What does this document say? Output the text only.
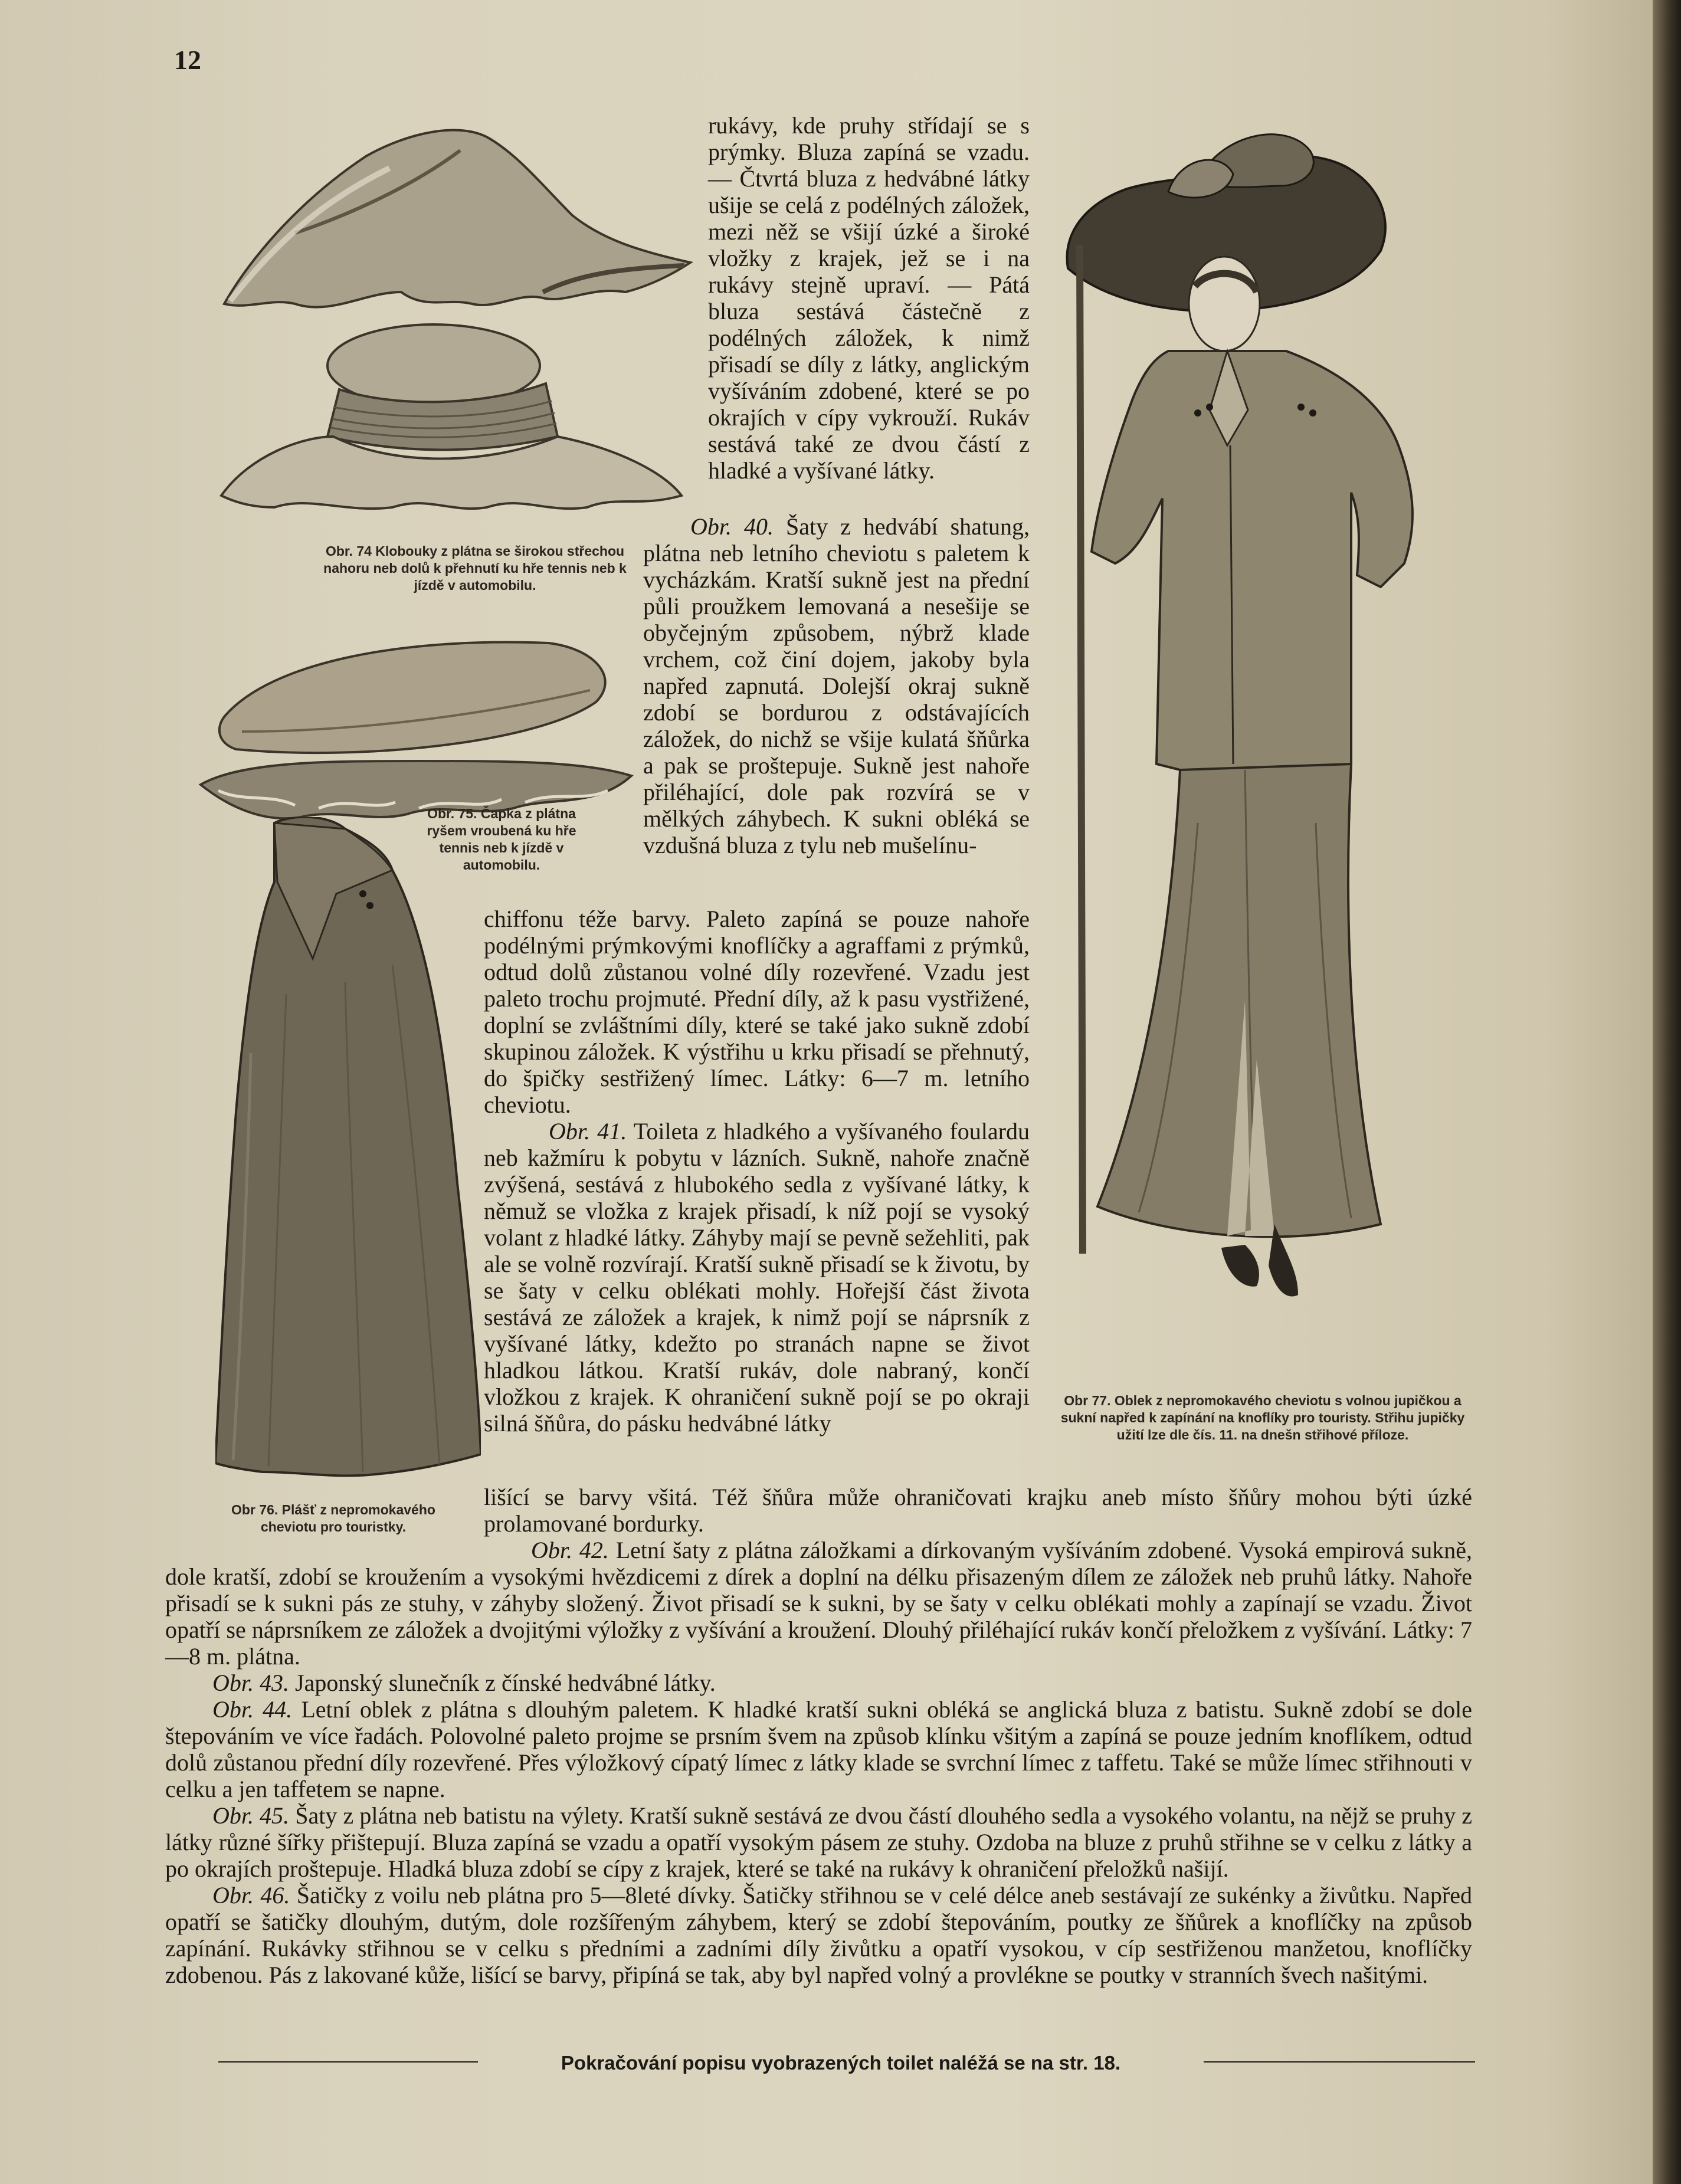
12
Obr. 74 Klobouky z plátna se širokou střechou nahoru neb dolů k přehnutí ku hře tennis neb k jízdě v automobilu.
Obr. 75. Čapka z plátna ryšem vroubená ku hře tennis neb k jízdě v automobilu.
Obr 76. Plášť z nepromokavého cheviotu pro touristky.
Obr 77. Oblek z nepromokavého cheviotu s volnou jupičkou a sukní napřed k zapínání na knoflíky pro touristy. Střihu jupičky užití lze dle čís. 11. na dnešn střihové příloze.

rukávy, kde pruhy střídají se s prýmky. Bluza zapíná se vzadu. — Čtvrtá bluza z hedvábné látky ušije se celá z podélných záložek, mezi něž se všijí úzké a široké vložky z krajek, jež se i na rukávy stejně upraví. — Pátá bluza sestává částečně z podélných záložek, k nimž přisadí se díly z látky, anglickým vyšíváním zdobené, které se po okrajích v cípy vykrouží. Rukáv sestává také ze dvou částí z hladké a vyšívané látky.

Obr. 40. Šaty z hedvábí shatung, plátna neb letního cheviotu s paletem k vycházkám. Kratší sukně jest na přední půli proužkem lemovaná a nesešije se obyčejným způsobem, nýbrž klade vrchem, což činí dojem, jakoby byla napřed zapnutá. Dolejší okraj sukně zdobí se bordurou z odstávajících záložek, do nichž se všije kulatá šňůrka a pak se proštepuje. Sukně jest nahoře přiléhající, dole pak rozvírá se v mělkých záhybech. K sukni obléká se vzdušná bluza z tylu neb mušelínu-

chiffonu téže barvy. Paleto zapíná se pouze nahoře podélnými prýmkovými knoflíčky a agraffami z prýmků, odtud dolů zůstanou volné díly rozevřené. Vzadu jest paleto trochu projmuté. Přední díly, až k pasu vystřižené, doplní se zvláštními díly, které se také jako sukně zdobí skupinou záložek. K výstřihu u krku přisadí se přehnutý, do špičky sestřižený límec. Látky: 6—7 m. letního cheviotu.

Obr. 41. Toileta z hladkého a vyšívaného foulardu neb kažmíru k pobytu v lázních. Sukně, nahoře značně zvýšená, sestává z hlubokého sedla z vyšívané látky, k němuž se vložka z krajek přisadí, k níž pojí se vysoký volant z hladké látky. Záhyby mají se pevně sežehliti, pak ale se volně rozvírají. Kratší sukně přisadí se k životu, by se šaty v celku oblékati mohly. Hořejší část života sestává ze záložek a krajek, k nimž pojí se náprsník z vyšívané látky, kdežto po stranách napne se život hladkou látkou. Kratší rukáv, dole nabraný, končí vložkou z krajek. K ohraničení sukně pojí se po okraji silná šňůra, do pásku hedvábné látky

lišící se barvy všitá. Též šňůra může ohraničovati krajku aneb místo šňůry mohou býti úzké prolamované bordurky.

Obr. 42. Letní šaty z plátna záložkami a dírkovaným vyšíváním zdobené. Vysoká empirová sukně, dole kratší, zdobí se kroužením a vysokými hvězdicemi z dírek a doplní na délku přisazeným dílem ze záložek neb pruhů látky. Nahoře přisadí se k sukni pás ze stuhy, v záhyby složený. Život přisadí se k sukni, by se šaty v celku oblékati mohly a zapínají se vzadu. Život opatří se náprsníkem ze záložek a dvojitými výložky z vyšívání a kroužení. Dlouhý přiléhající rukáv končí přeložkem z vyšívání. Látky: 7—8 m. plátna.

Obr. 43. Japonský slunečník z čínské hedvábné látky.

Obr. 44. Letní oblek z plátna s dlouhým paletem. K hladké kratší sukni obléká se anglická bluza z batistu. Sukně zdobí se dole štepováním ve více řadách. Polovolné paleto projme se prsním švem na způsob klínku všitým a zapíná se pouze jedním knoflíkem, odtud dolů zůstanou přední díly rozevřené. Přes výložkový cípatý límec z látky klade se svrchní límec z taffetu. Také se může límec střihnouti v celku a jen taffetem se napne.

Obr. 45. Šaty z plátna neb batistu na výlety. Kratší sukně sestává ze dvou částí dlouhého sedla a vysokého volantu, na nějž se pruhy z látky různé šířky přištepují. Bluza zapíná se vzadu a opatří vysokým pásem ze stuhy. Ozdoba na bluze z pruhů střihne se v celku z látky a po okrajích proštepuje. Hladká bluza zdobí se cípy z krajek, které se také na rukávy k ohraničení přeložků našijí.

Obr. 46. Šatičky z voilu neb plátna pro 5—8leté dívky. Šatičky střihnou se v celé délce aneb sestávají ze sukénky a živůtku. Napřed opatří se šatičky dlouhým, dutým, dole rozšířeným záhybem, který se zdobí štepováním, poutky ze šňůrek a knoflíčky na způsob zapínání. Rukávky střihnou se v celku s předními a zadními díly živůtku a opatří vysokou, v cíp sestřiženou manžetou, knoflíčky zdobenou. Pás z lakované kůže, lišící se barvy, připíná se tak, aby byl napřed volný a provlékne se poutky v stranních švech našitými.

Pokračování popisu vyobrazených toilet naléžá se na str. 18.
